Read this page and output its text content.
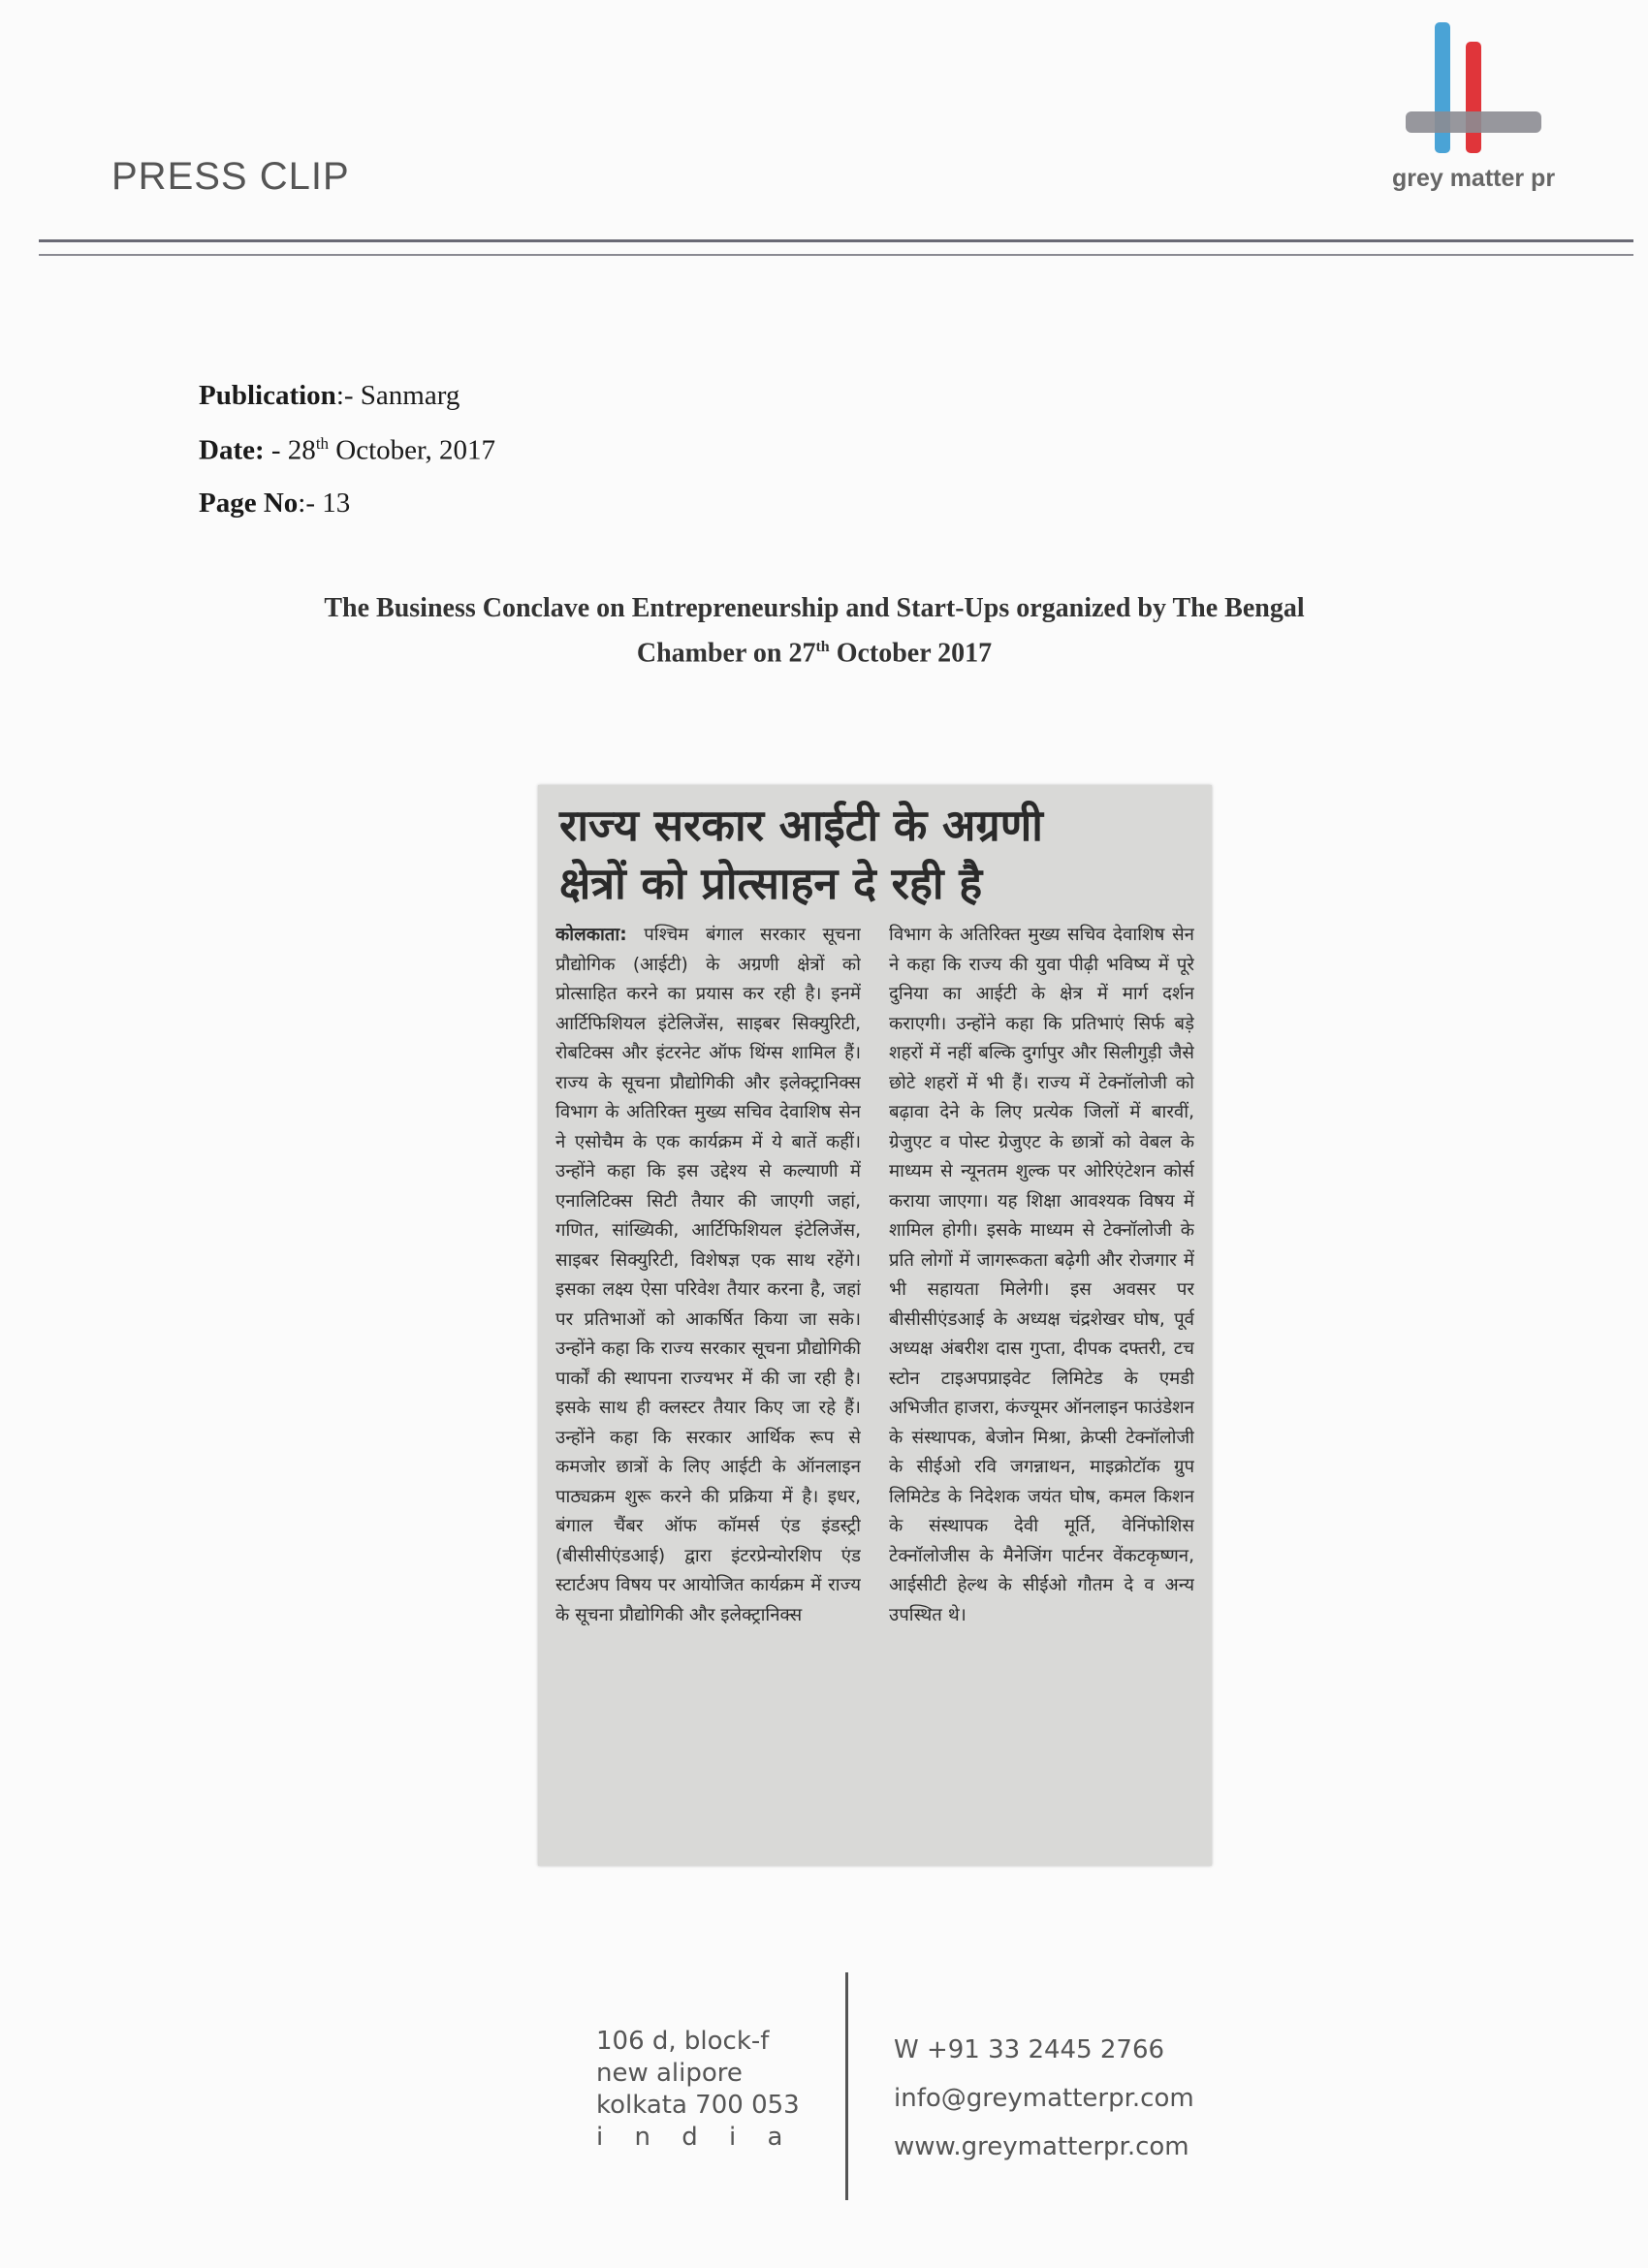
PRESS CLIP	grey matter pr
Publication:- Sanmarg
Date: - 28th October, 2017
Page No:- 13
The Business Conclave on Entrepreneurship and Start-Ups organized by The Bengal
Chamber on 27th October 2017
राज्य सरकार आईटी के अग्रणी
क्षेत्रों को प्रोत्साहन दे रही है
कोलकाता: पश्चिम बंगाल सरकार सूचना प्रौद्योगिक (आईटी) के अग्रणी क्षेत्रों को प्रोत्साहित करने का प्रयास कर रही है। इनमें आर्टिफिशियल इंटेलिजेंस, साइबर सिक्युरिटी, रोबटिक्स और इंटरनेट ऑफ थिंग्स शामिल हैं। राज्य के सूचना प्रौद्योगिकी और इलेक्ट्रानिक्स विभाग के अतिरिक्त मुख्य सचिव देवाशिष सेन ने एसोचैम के एक कार्यक्रम में ये बातें कहीं। उन्होंने कहा कि इस उद्देश्य से कल्याणी में एनालिटिक्स सिटी तैयार की जाएगी जहां, गणित, सांख्यिकी, आर्टिफिशियल इंटेलिजेंस, साइबर सिक्युरिटी, विशेषज्ञ एक साथ रहेंगे। इसका लक्ष्य ऐसा परिवेश तैयार करना है, जहां पर प्रतिभाओं को आकर्षित किया जा सके। उन्होंने कहा कि राज्य सरकार सूचना प्रौद्योगिकी पार्कों की स्थापना राज्यभर में की जा रही है। इसके साथ ही क्लस्टर तैयार किए जा रहे हैं। उन्होंने कहा कि सरकार आर्थिक रूप से कमजोर छात्रों के लिए आईटी के ऑनलाइन पाठ्यक्रम शुरू करने की प्रक्रिया में है। इधर, बंगाल चैंबर ऑफ कॉमर्स एंड इंडस्ट्री (बीसीसीएंडआई) द्वारा इंटरप्रेन्योरशिप एंड स्टार्टअप विषय पर आयोजित कार्यक्रम में राज्य के सूचना प्रौद्योगिकी और इलेक्ट्रानिक्स
विभाग के अतिरिक्त मुख्य सचिव देवाशिष सेन ने कहा कि राज्य की युवा पीढ़ी भविष्य में पूरे दुनिया का आईटी के क्षेत्र में मार्ग दर्शन कराएगी। उन्होंने कहा कि प्रतिभाएं सिर्फ बड़े शहरों में नहीं बल्कि दुर्गापुर और सिलीगुड़ी जैसे छोटे शहरों में भी हैं। राज्य में टेक्नॉलोजी को बढ़ावा देने के लिए प्रत्येक जिलों में बारवीं, ग्रेजुएट व पोस्ट ग्रेजुएट के छात्रों को वेबल के माध्यम से न्यूनतम शुल्क पर ओरिएंटेशन कोर्स कराया जाएगा। यह शिक्षा आवश्यक विषय में शामिल होगी। इसके माध्यम से टेक्नॉलोजी के प्रति लोगों में जागरूकता बढ़ेगी और रोजगार में भी सहायता मिलेगी। इस अवसर पर बीसीसीएंडआई के अध्यक्ष चंद्रशेखर घोष, पूर्व अध्यक्ष अंबरीश दास गुप्ता, दीपक दफ्तरी, टच स्टोन टाइअपप्राइवेट लिमिटेड के एमडी अभिजीत हाजरा, कंज्यूमर ऑनलाइन फाउंडेशन के संस्थापक, बेजोन मिश्रा, क्रेप्सी टेक्नॉलोजी के सीईओ रवि जगन्नाथन, माइक्रोटॉक ग्रुप लिमिटेड के निदेशक जयंत घोष, कमल किशन के संस्थापक देवी मूर्ति, वेनिंफोशिस टेक्नॉलोजीस के मैनेजिंग पार्टनर वेंकटकृष्णन, आईसीटी हेल्थ के सीईओ गौतम दे व अन्य उपस्थित थे।
106 d, block-f
new alipore
kolkata 700 053
i n d i a
W +91 33 2445 2766
info@greymatterpr.com
www.greymatterpr.com
